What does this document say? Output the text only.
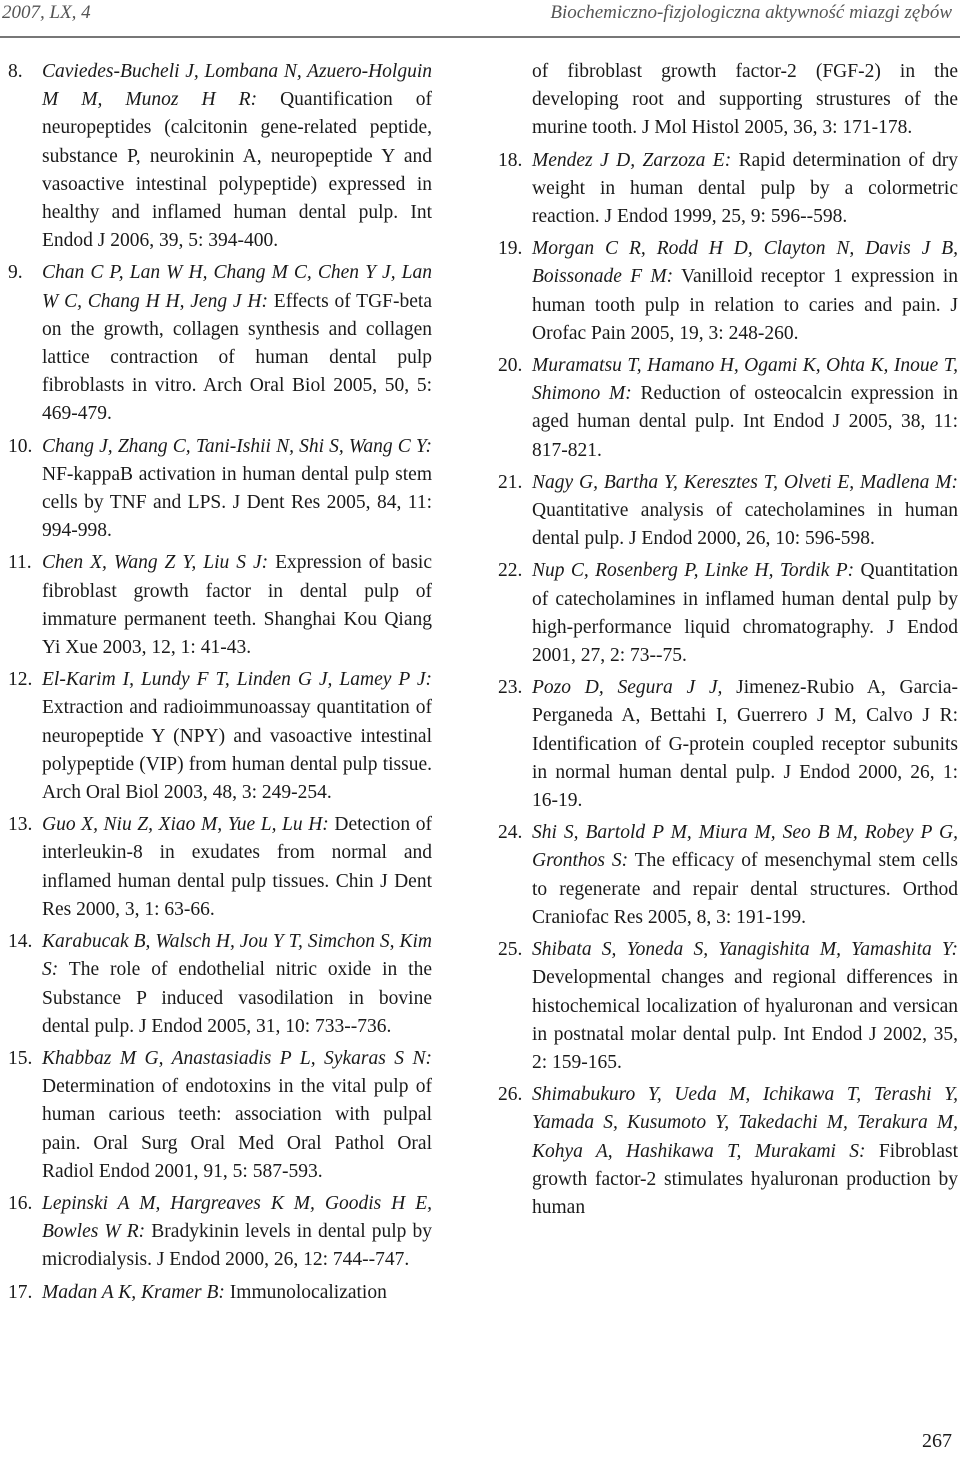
2007, LX, 4	Biochemiczno-fizjologiczna aktywność miazgi zębów
8. Caviedes-Bucheli J, Lombana N, Azuero-Holguin M M, Munoz H R: Quantification of neuropeptides (calcitonin gene-related peptide, substance P, neurokinin A, neuropeptide Y and vasoactive intestinal polypeptide) expressed in healthy and inflamed human dental pulp. Int Endod J 2006, 39, 5: 394-400.
9. Chan C P, Lan W H, Chang M C, Chen Y J, Lan W C, Chang H H, Jeng J H: Effects of TGF-beta on the growth, collagen synthesis and collagen lattice contraction of human dental pulp fibroblasts in vitro. Arch Oral Biol 2005, 50, 5: 469-479.
10. Chang J, Zhang C, Tani-Ishii N, Shi S, Wang C Y: NF-kappaB activation in human dental pulp stem cells by TNF and LPS. J Dent Res 2005, 84, 11: 994-998.
11. Chen X, Wang Z Y, Liu S J: Expression of basic fibroblast growth factor in dental pulp of immature permanent teeth. Shanghai Kou Qiang Yi Xue 2003, 12, 1: 41-43.
12. El-Karim I, Lundy F T, Linden G J, Lamey P J: Extraction and radioimmunoassay quantitation of neuropeptide Y (NPY) and vasoactive intestinal polypeptide (VIP) from human dental pulp tissue. Arch Oral Biol 2003, 48, 3: 249-254.
13. Guo X, Niu Z, Xiao M, Yue L, Lu H: Detection of interleukin-8 in exudates from normal and inflamed human dental pulp tissues. Chin J Dent Res 2000, 3, 1: 63-66.
14. Karabucak B, Walsch H, Jou Y T, Simchon S, Kim S: The role of endothelial nitric oxide in the Substance P induced vasodilation in bovine dental pulp. J Endod 2005, 31, 10: 733--736.
15. Khabbaz M G, Anastasiadis P L, Sykaras S N: Determination of endotoxins in the vital pulp of human carious teeth: association with pulpal pain. Oral Surg Oral Med Oral Pathol Oral Radiol Endod 2001, 91, 5: 587-593.
16. Lepinski A M, Hargreaves K M, Goodis H E, Bowles W R: Bradykinin levels in dental pulp by microdialysis. J Endod 2000, 26, 12: 744--747.
17. Madan A K, Kramer B: Immunolocalization
of fibroblast growth factor-2 (FGF-2) in the developing root and supporting strustures of the murine tooth. J Mol Histol 2005, 36, 3: 171-178.
18. Mendez J D, Zarzoza E: Rapid determination of dry weight in human dental pulp by a colormetric reaction. J Endod 1999, 25, 9: 596--598.
19. Morgan C R, Rodd H D, Clayton N, Davis J B, Boissonade F M: Vanilloid receptor 1 expression in human tooth pulp in relation to caries and pain. J Orofac Pain 2005, 19, 3: 248-260.
20. Muramatsu T, Hamano H, Ogami K, Ohta K, Inoue T, Shimono M: Reduction of osteocalcin expression in aged human dental pulp. Int Endod J 2005, 38, 11: 817-821.
21. Nagy G, Bartha Y, Keresztes T, Olveti E, Madlena M: Quantitative analysis of catecholamines in human dental pulp. J Endod 2000, 26, 10: 596-598.
22. Nup C, Rosenberg P, Linke H, Tordik P: Quantitation of catecholamines in inflamed human dental pulp by high-performance liquid chromatography. J Endod 2001, 27, 2: 73--75.
23. Pozo D, Segura J J, Jimenez-Rubio A, Garcia-Perganeda A, Bettahi I, Guerrero J M, Calvo J R: Identification of G-protein coupled receptor subunits in normal human dental pulp. J Endod 2000, 26, 1: 16-19.
24. Shi S, Bartold P M, Miura M, Seo B M, Robey P G, Gronthos S: The efficacy of mesenchymal stem cells to regenerate and repair dental structures. Orthod Craniofac Res 2005, 8, 3: 191-199.
25. Shibata S, Yoneda S, Yanagishita M, Yamashita Y: Developmental changes and regional differences in histochemical localization of hyaluronan and versican in postnatal molar dental pulp. Int Endod J 2002, 35, 2: 159-165.
26. Shimabukuro Y, Ueda M, Ichikawa T, Terashi Y, Yamada S, Kusumoto Y, Takedachi M, Terakura M, Kohya A, Hashikawa T, Murakami S: Fibroblast growth factor-2 stimulates hyaluronan production by human
267
